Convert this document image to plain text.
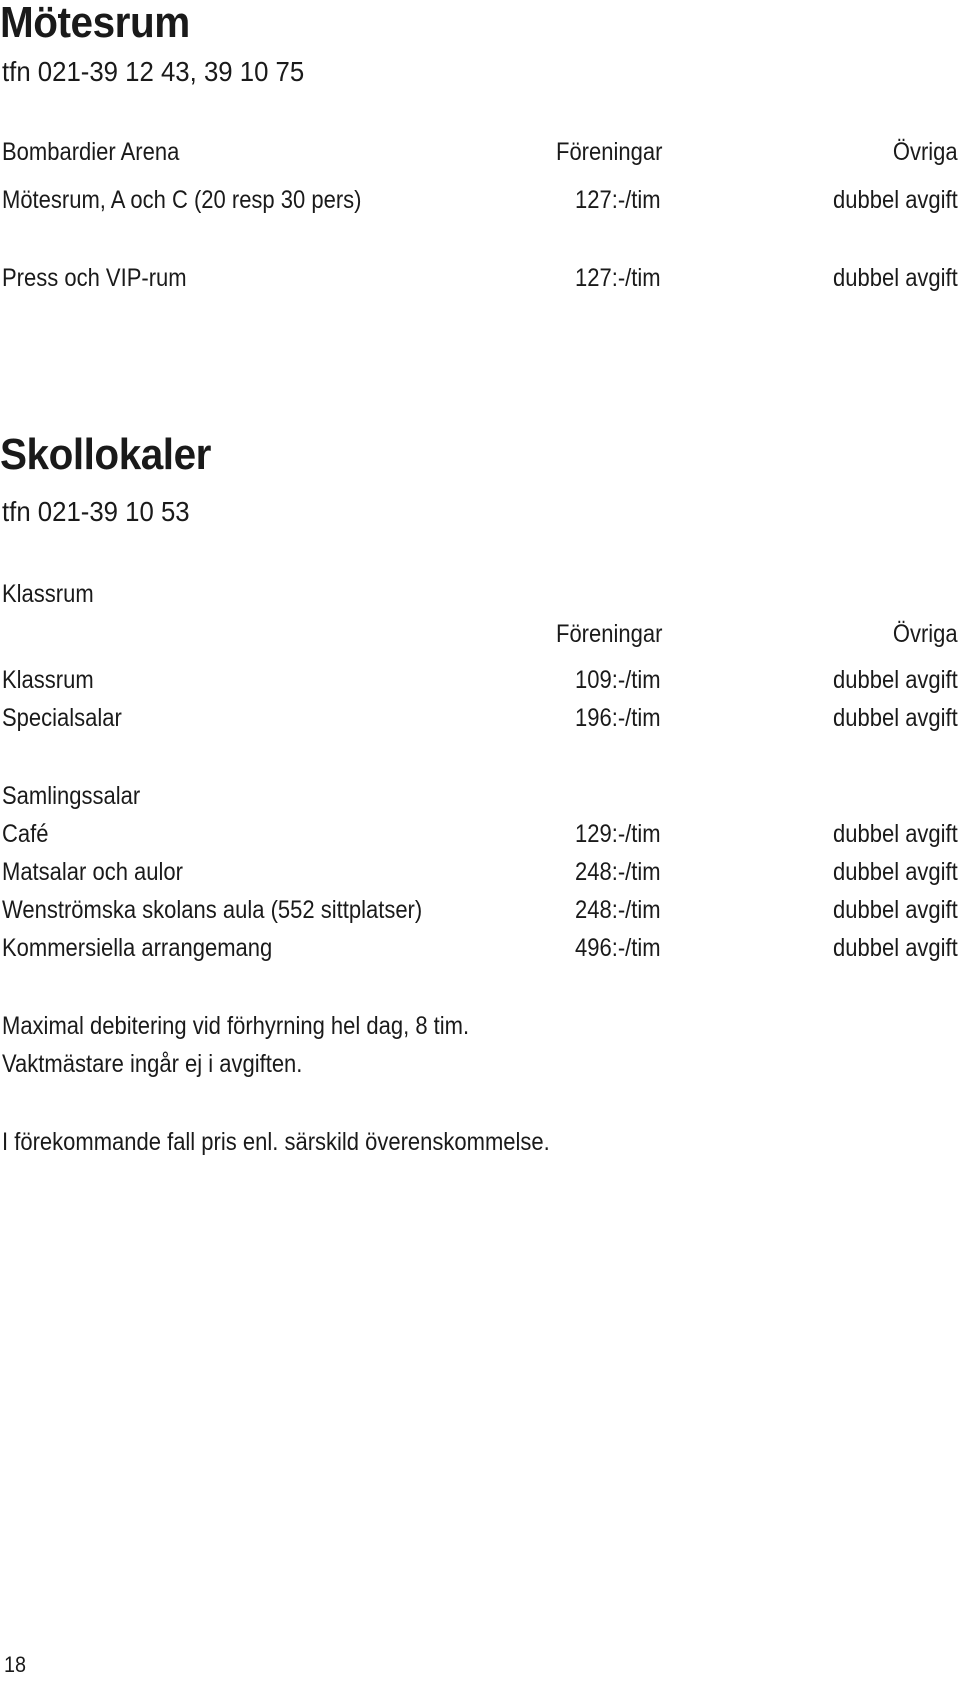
Mötesrum
tfn 021-39 12 43, 39 10 75
Bombardier Arena	Föreningar	Övriga
Mötesrum, A och C (20 resp 30 pers)	127:-/tim	dubbel avgift
Press och VIP-rum	127:-/tim	dubbel avgift
Skollokaler
tfn 021-39 10 53
Klassrum
Föreningar	Övriga
Klassrum	109:-/tim	dubbel avgift
Specialsalar	196:-/tim	dubbel avgift
Samlingssalar
Café	129:-/tim	dubbel avgift
Matsalar och aulor	248:-/tim	dubbel avgift
Wenströmska skolans aula (552 sittplatser)	248:-/tim	dubbel avgift
Kommersiella arrangemang	496:-/tim	dubbel avgift
Maximal debitering vid förhyrning hel dag, 8 tim.
Vaktmästare ingår ej i avgiften.
I förekommande fall pris enl. särskild överenskommelse.
18
